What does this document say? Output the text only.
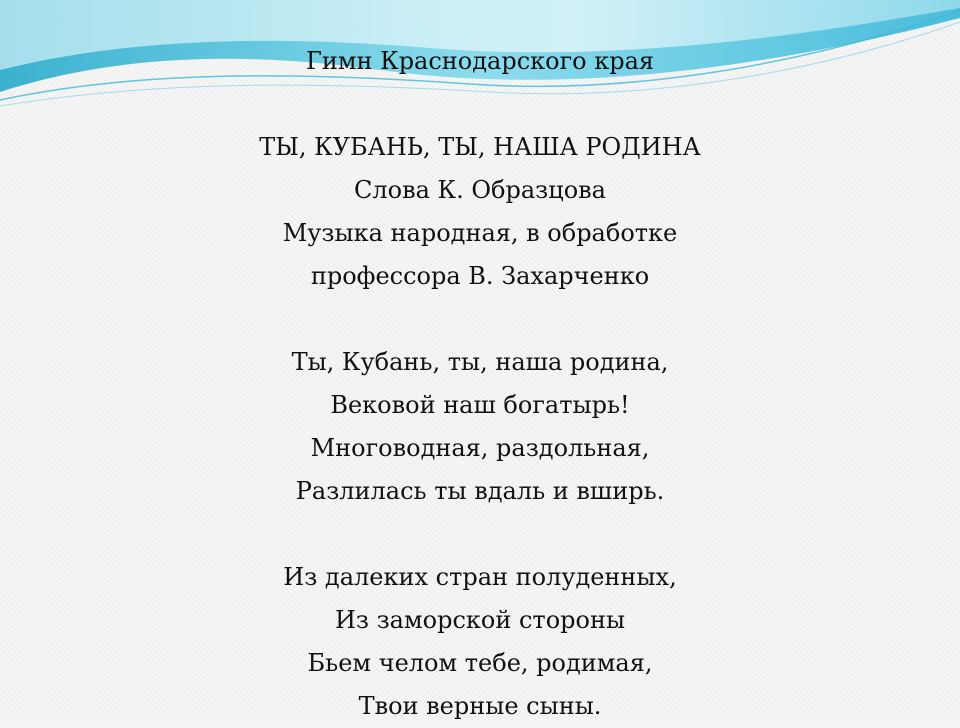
Гимн Краснодарского края
ТЫ, КУБАНЬ, ТЫ, НАША РОДИНА
Слова К. Образцова
Музыка народная, в обработке
профессора В. Захарченко
Ты, Кубань, ты, наша родина,
Вековой наш богатырь!
Многоводная, раздольная,
Разлилась ты вдаль и вширь.
Из далеких стран полуденных,
Из заморской стороны
Бьем челом тебе, родимая,
Твои верные сыны.
